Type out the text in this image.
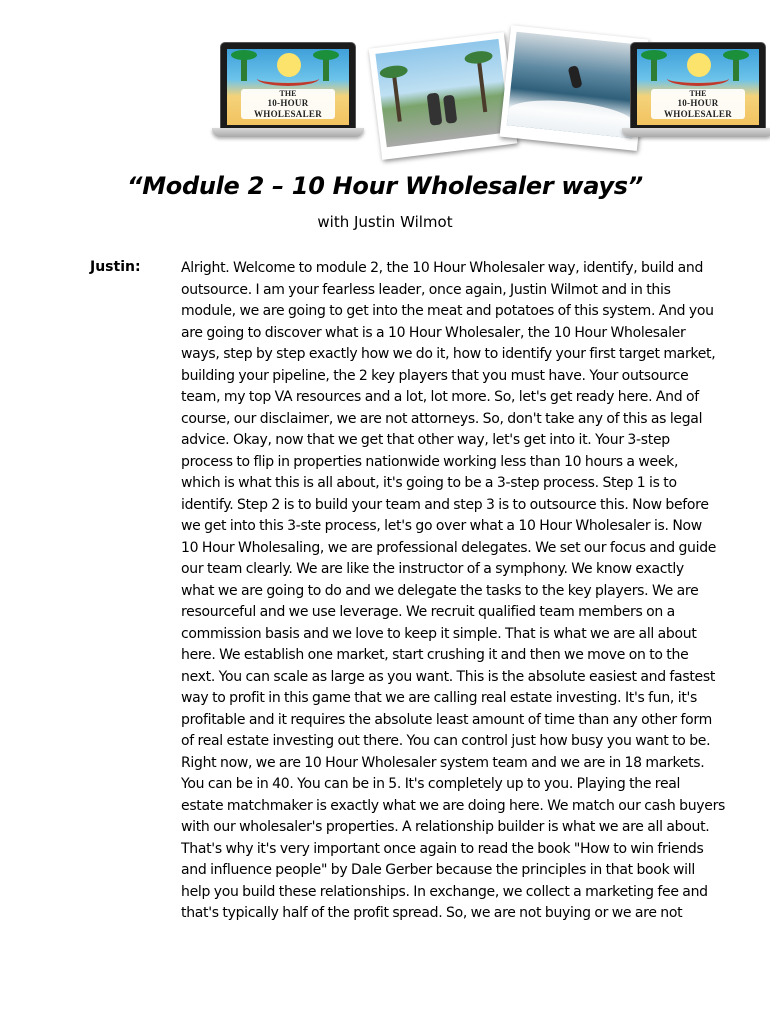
THE
10-HOUR WHOLESALER
THE
10-HOUR WHOLESALER
“Module 2 – 10 Hour Wholesaler ways”
with Justin Wilmot
Justin:	Alright. Welcome to module 2, the 10 Hour Wholesaler way, identify, build and
outsource. I am your fearless leader, once again, Justin Wilmot and in this
module, we are going to get into the meat and potatoes of this system. And you
are going to discover what is a 10 Hour Wholesaler, the 10 Hour Wholesaler
ways, step by step exactly how we do it, how to identify your first target market,
building your pipeline, the 2 key players that you must have. Your outsource
team, my top VA resources and a lot, lot more. So, let's get ready here. And of
course, our disclaimer, we are not attorneys. So, don't take any of this as legal
advice. Okay, now that we get that other way, let's get into it. Your 3-step
process to flip in properties nationwide working less than 10 hours a week,
which is what this is all about, it's going to be a 3-step process. Step 1 is to
identify. Step 2 is to build your team and step 3 is to outsource this. Now before
we get into this 3-ste process, let's go over what a 10 Hour Wholesaler is. Now
10 Hour Wholesaling, we are professional delegates. We set our focus and guide
our team clearly. We are like the instructor of a symphony. We know exactly
what we are going to do and we delegate the tasks to the key players. We are
resourceful and we use leverage. We recruit qualified team members on a
commission basis and we love to keep it simple. That is what we are all about
here. We establish one market, start crushing it and then we move on to the
next. You can scale as large as you want. This is the absolute easiest and fastest
way to profit in this game that we are calling real estate investing. It's fun, it's
profitable and it requires the absolute least amount of time than any other form
of real estate investing out there. You can control just how busy you want to be.
Right now, we are 10 Hour Wholesaler system team and we are in 18 markets.
You can be in 40. You can be in 5. It's completely up to you. Playing the real
estate matchmaker is exactly what we are doing here. We match our cash buyers
with our wholesaler's properties. A relationship builder is what we are all about.
That's why it's very important once again to read the book "How to win friends
and influence people" by Dale Gerber because the principles in that book will
help you build these relationships. In exchange, we collect a marketing fee and
that's typically half of the profit spread. So, we are not buying or we are not
